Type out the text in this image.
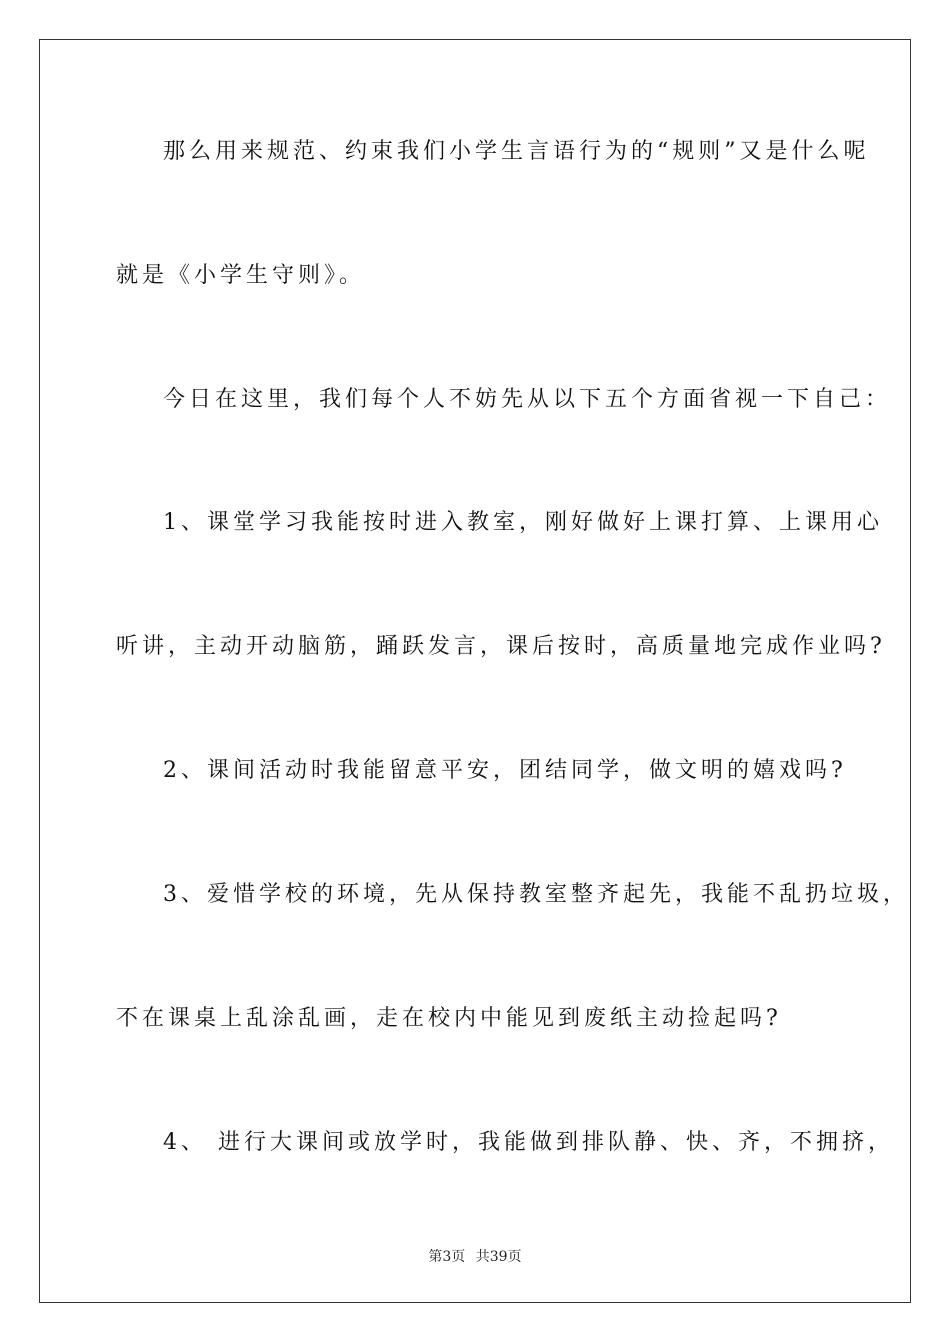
那么用来规范、约束我们小学生言语行为的“规则”又是什么呢
就是《小学生守则》。
今日在这里，我们每个人不妨先从以下五个方面省视一下自己：
1、课堂学习我能按时进入教室，刚好做好上课打算、上课用心
听讲，主动开动脑筋，踊跃发言，课后按时，高质量地完成作业吗?
2、课间活动时我能留意平安，团结同学，做文明的嬉戏吗?
3、爱惜学校的环境，先从保持教室整齐起先，我能不乱扔垃圾，
不在课桌上乱涂乱画，走在校内中能见到废纸主动捡起吗?
4、 进行大课间或放学时，我能做到排队静、快、齐，不拥挤，
第3页 共39页
